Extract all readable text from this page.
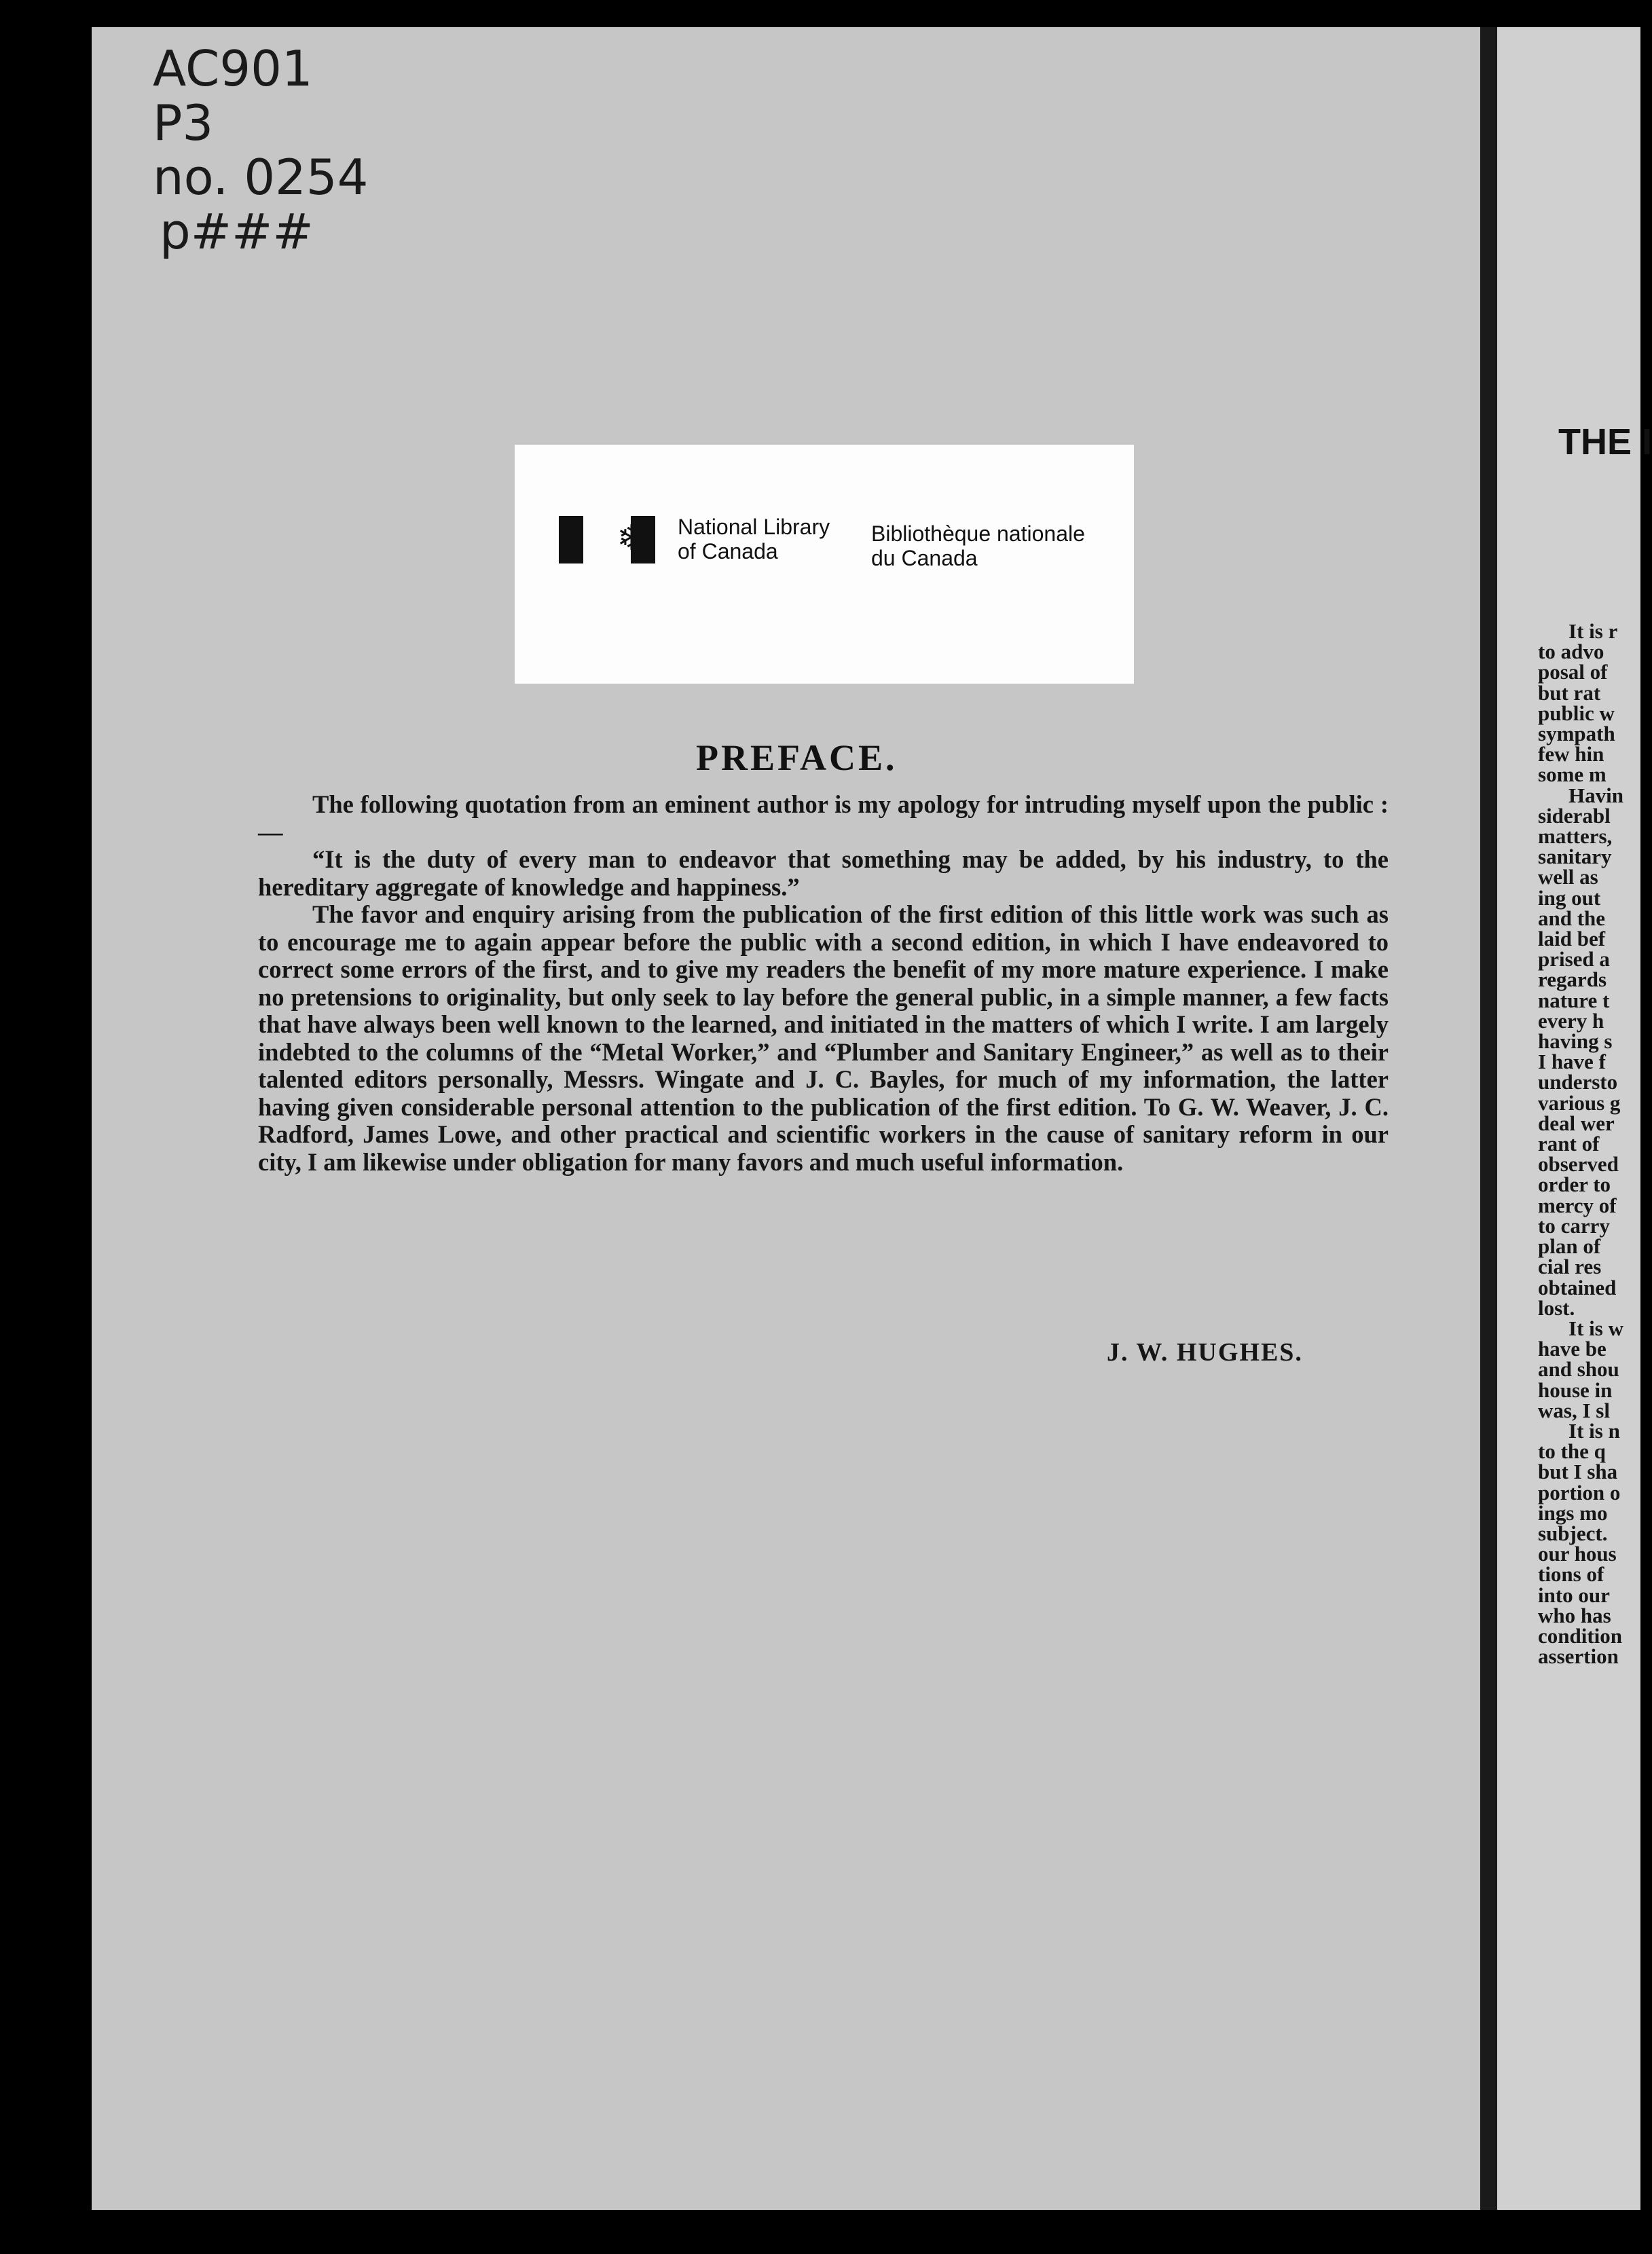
AC901
P3
no. 0254
p###
❄	National Library
of Canada
Bibliothèque nationale
du Canada
PREFACE.

The following quotation from an eminent author is my apology for intruding myself upon the public :—

“It is the duty of every man to endeavor that something may be added, by his industry, to the hereditary aggregate of knowledge and happiness.”

The favor and enquiry arising from the publication of the first edition of this little work was such as to encourage me to again appear before the public with a second edition, in which I have endeavored to correct some errors of the first, and to give my readers the benefit of my more mature experience. I make no pretensions to originality, but only seek to lay before the general public, in a simple manner, a few facts that have always been well known to the learned, and initiated in the matters of which I write. I am largely indebted to the columns of the “Metal Worker,” and “Plumber and Sanitary Engineer,” as well as to their talented editors personally, Messrs. Wingate and J. C. Bayles, for much of my information, the latter having given considerable personal attention to the publication of the first edition. To G. W. Weaver, J. C. Radford, James Lowe, and other practical and scientific workers in the cause of sanitary reform in our city, I am likewise under obligation for many favors and much useful information.

J. W. HUGHES.
THE I
It is r
to advo
posal of
but rat
public w
sympath
few hin
some m
Havin
siderabl
matters,
sanitary
well as
ing out
and the
laid bef
prised a
regards
nature t
every h
having s
I have f
understo
various g
deal wer
rant of
observed
order to
mercy of
to carry
plan of
cial res
obtained
lost.
It is w
have be
and shou
house in
was, I sl
It is n
to the q
but I sha
portion o
ings mo
subject.
our hous
tions of
into our
who has
condition
assertion
